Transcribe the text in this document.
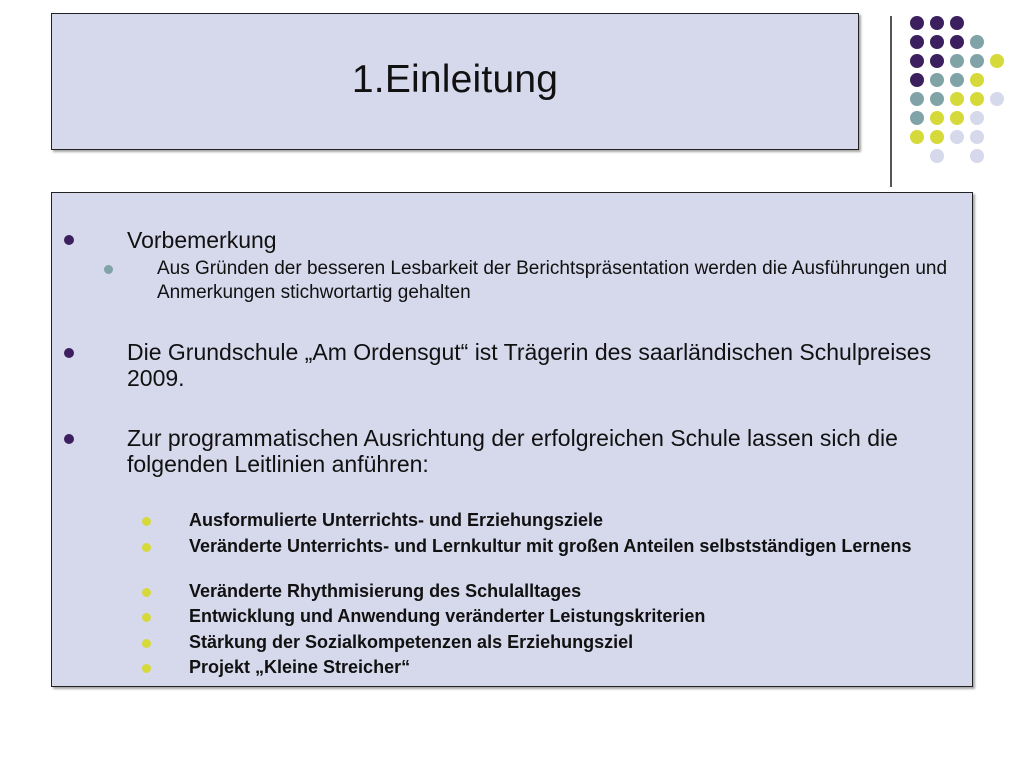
1.Einleitung
Vorbemerkung
Aus Gründen der besseren Lesbarkeit der Berichtspräsentation werden die Ausführungen und Anmerkungen stichwortartig gehalten
Die Grundschule „Am Ordensgut“ ist Trägerin des saarländischen Schulpreises 2009.
Zur programmatischen Ausrichtung der erfolgreichen Schule lassen sich die folgenden Leitlinien anführen:
Ausformulierte Unterrichts- und Erziehungsziele
Veränderte Unterrichts- und Lernkultur mit großen Anteilen selbstständigen Lernens
Veränderte Rhythmisierung des Schulalltages
Entwicklung und Anwendung veränderter Leistungskriterien
Stärkung der Sozialkompetenzen als Erziehungsziel
Projekt „Kleine Streicher“
